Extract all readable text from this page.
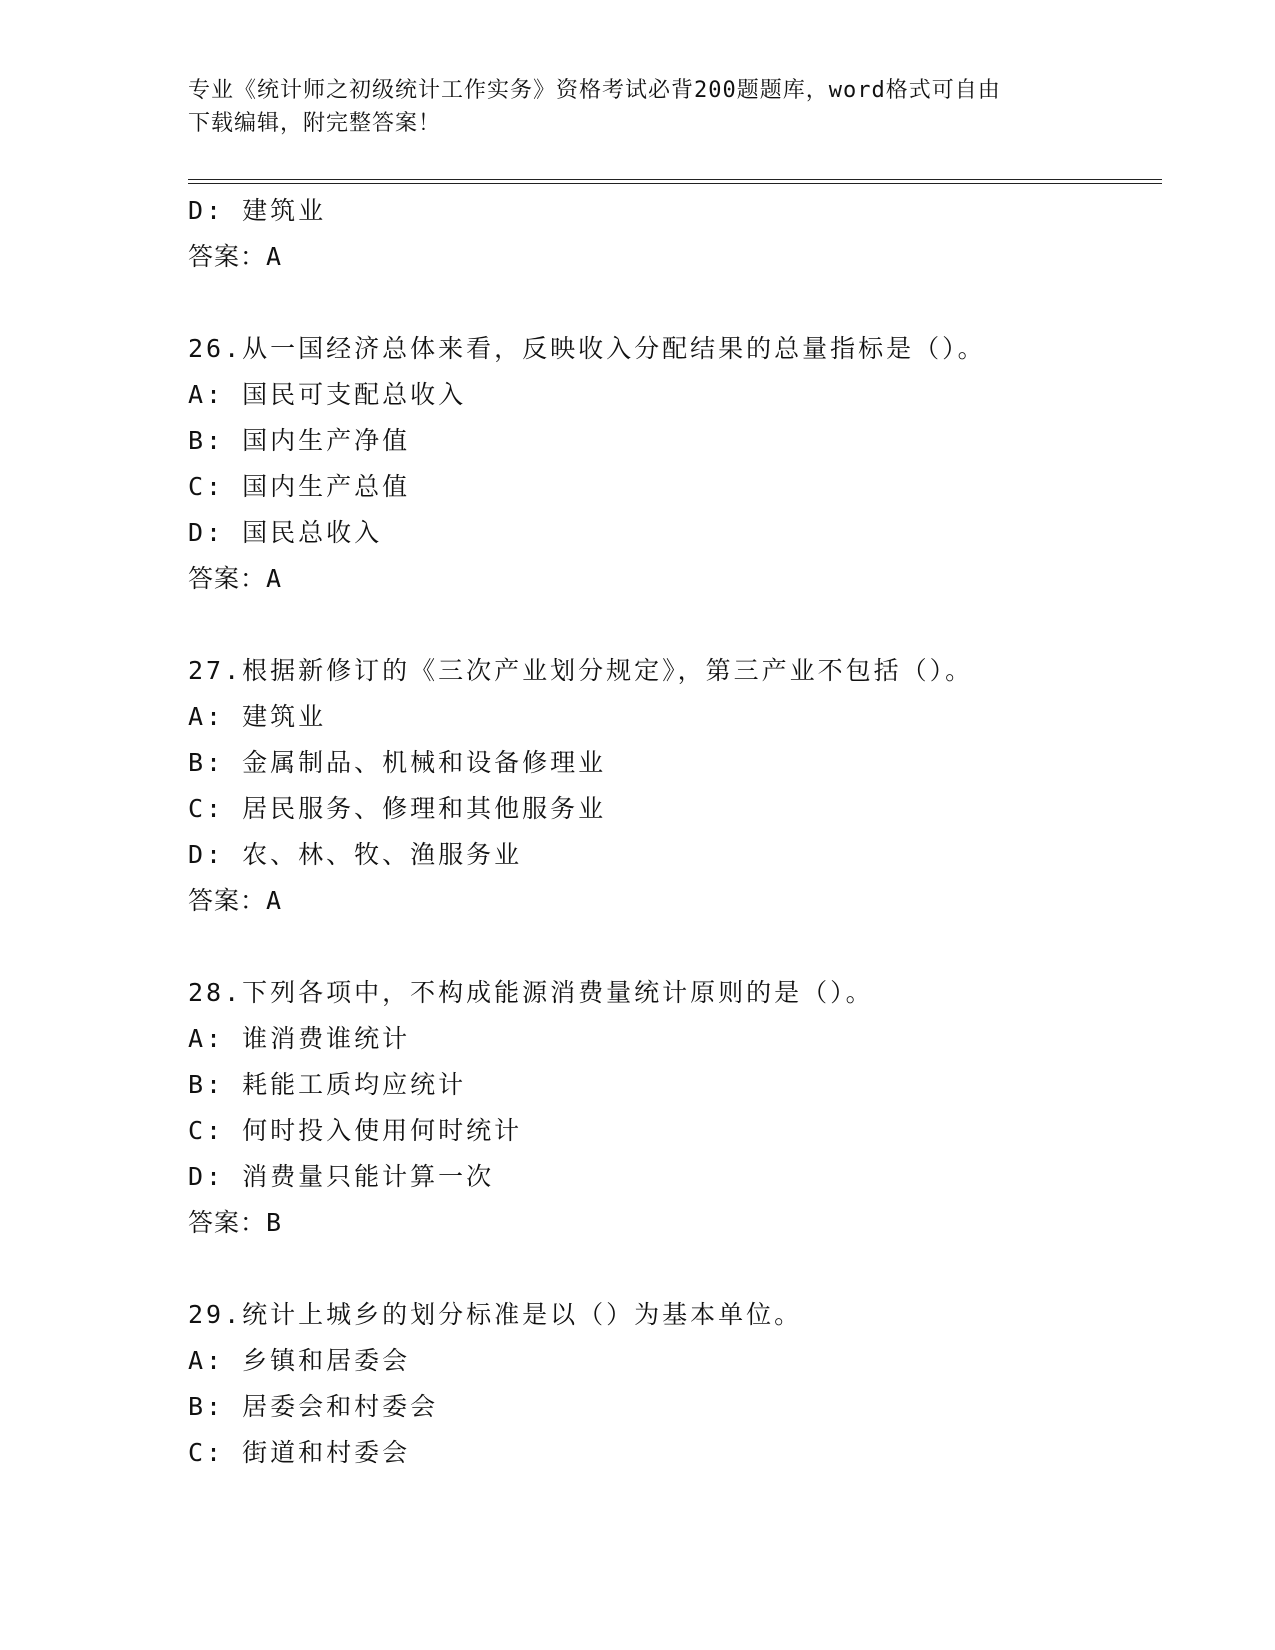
专业《统计师之初级统计工作实务》资格考试必背200题题库，word格式可自由
下载编辑，附完整答案！
D: 建筑业
答案：A
26.从一国经济总体来看，反映收入分配结果的总量指标是（）。
A: 国民可支配总收入
B: 国内生产净值
C: 国内生产总值
D: 国民总收入
答案：A
27.根据新修订的《三次产业划分规定》，第三产业不包括（）。
A: 建筑业
B: 金属制品、机械和设备修理业
C: 居民服务、修理和其他服务业
D: 农、林、牧、渔服务业
答案：A
28.下列各项中，不构成能源消费量统计原则的是（）。
A: 谁消费谁统计
B: 耗能工质均应统计
C: 何时投入使用何时统计
D: 消费量只能计算一次
答案：B
29.统计上城乡的划分标准是以（）为基本单位。
A: 乡镇和居委会
B: 居委会和村委会
C: 街道和村委会
